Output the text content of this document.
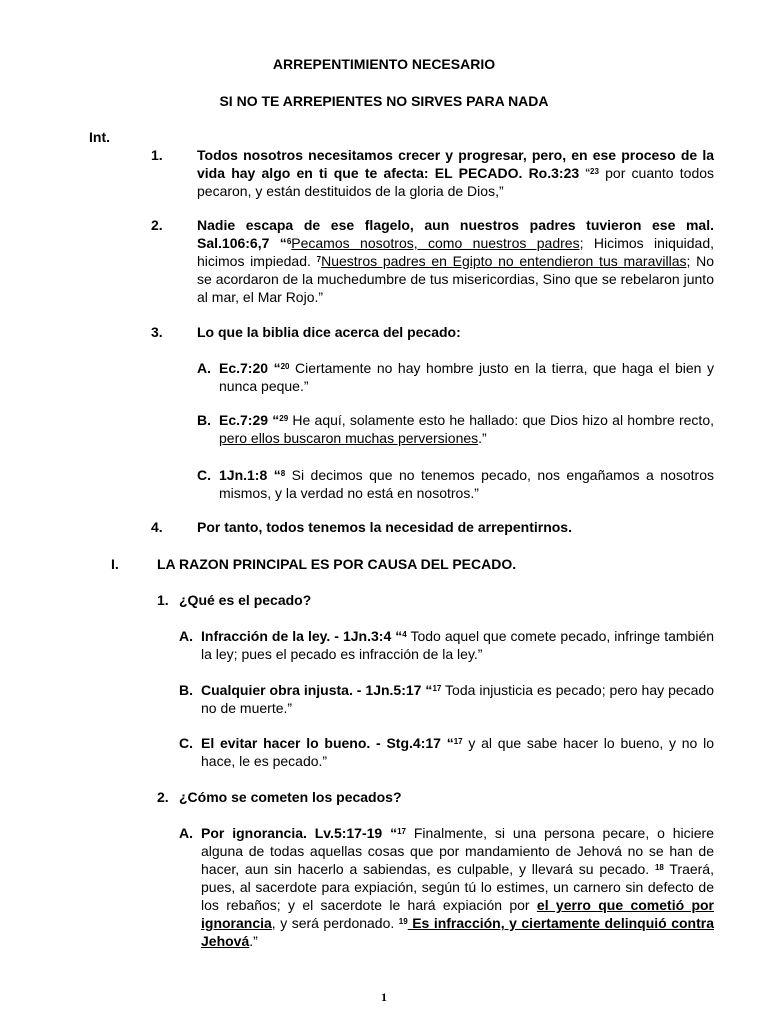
ARREPENTIMIENTO NECESARIO
SI NO TE ARREPIENTES NO SIRVES PARA NADA
Int.
1. Todos nosotros necesitamos crecer y progresar, pero, en ese proceso de la vida hay algo en ti que te afecta: EL PECADO. Ro.3:23 “$^{23}$ por cuanto todos pecaron, y están destituidos de la gloria de Dios,”
2. Nadie escapa de ese flagelo, aun nuestros padres tuvieron ese mal. Sal.106:6,7 “$^6$Pecamos nosotros, como nuestros padres; Hicimos iniquidad, hicimos impiedad. $^7$Nuestros padres en Egipto no entendieron tus maravillas; No se acordaron de la muchedumbre de tus misericordias, Sino que se rebelaron junto al mar, el Mar Rojo.”
3. Lo que la biblia dice acerca del pecado:
A. Ec.7:20 “$^{20}$ Ciertamente no hay hombre justo en la tierra, que haga el bien y nunca peque.”
B. Ec.7:29 “$^{29}$ He aquí, solamente esto he hallado: que Dios hizo al hombre recto, pero ellos buscaron muchas perversiones.”
C. 1Jn.1:8 “$^8$ Si decimos que no tenemos pecado, nos engañamos a nosotros mismos, y la verdad no está en nosotros.”
4. Por tanto, todos tenemos la necesidad de arrepentirnos.
I.	LA RAZON PRINCIPAL ES POR CAUSA DEL PECADO.
1. ¿Qué es el pecado?
A. Infracción de la ley. - 1Jn.3:4 “$^4$ Todo aquel que comete pecado, infringe también la ley; pues el pecado es infracción de la ley.”
B. Cualquier obra injusta. - 1Jn.5:17 “$^{17}$ Toda injusticia es pecado; pero hay pecado no de muerte.”
C. El evitar hacer lo bueno. - Stg.4:17 “$^{17}$ y al que sabe hacer lo bueno, y no lo hace, le es pecado.”
2. ¿Cómo se cometen los pecados?
A. Por ignorancia. Lv.5:17-19 “$^{17}$ Finalmente, si una persona pecare, o hiciere alguna de todas aquellas cosas que por mandamiento de Jehová no se han de hacer, aun sin hacerlo a sabiendas, es culpable, y llevará su pecado. $^{18}$ Traerá, pues, al sacerdote para expiación, según tú lo estimes, un carnero sin defecto de los rebaños; y el sacerdote le hará expiación por el yerro que cometió por ignorancia, y será perdonado. $^{19}$ Es infracción, y ciertamente delinquió contra Jehová.”
1
